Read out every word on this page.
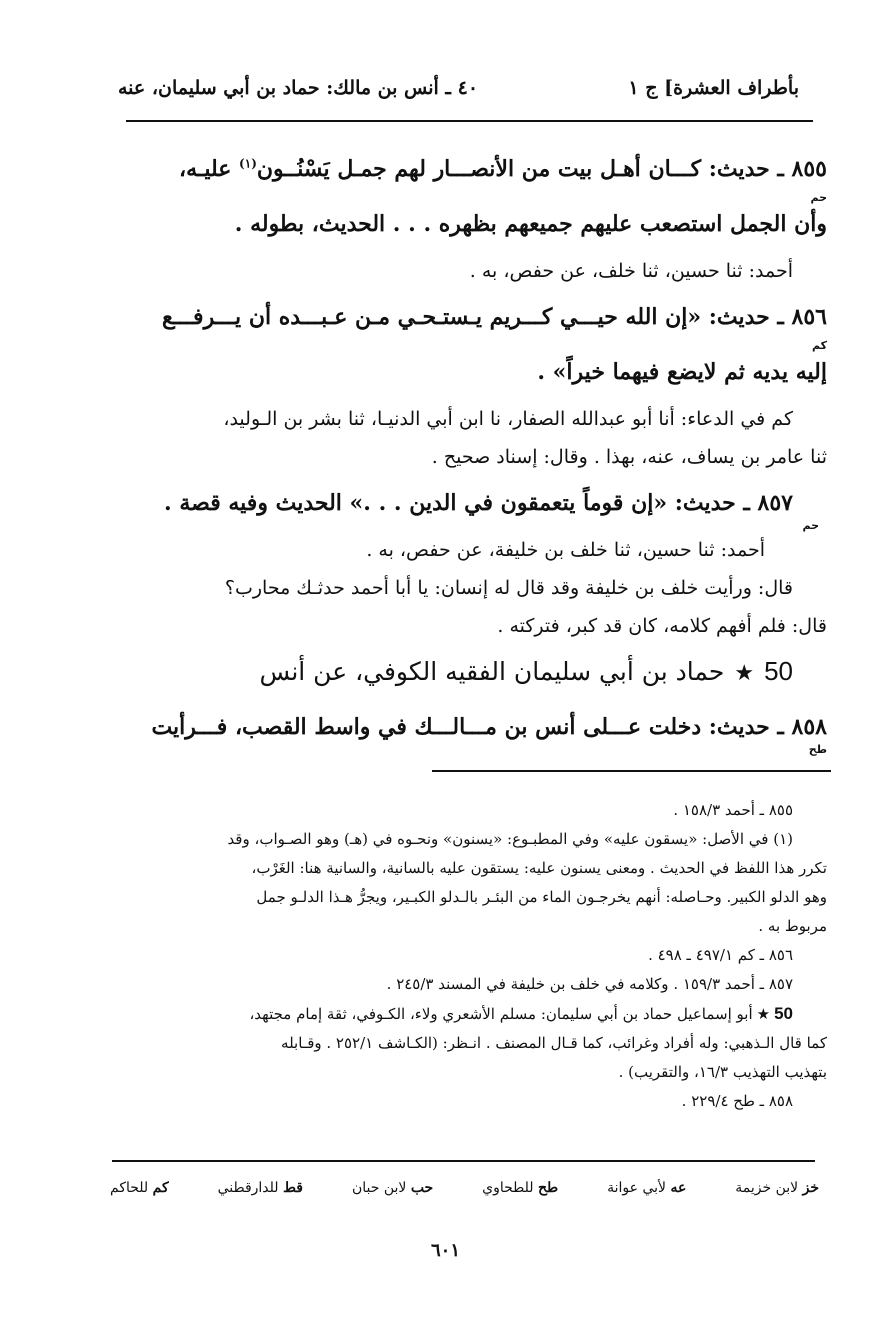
بأطراف العشرة] ج ١
٤٠ ـ أنس بن مالك: حماد بن أبي سليمان، عنه
٨٥٥ ـ حديث: كـــان أهـل بيت من الأنصـــار لهم جمـل يَسْنُــون$^{(١)}$ عليـه،
حم
وأن الجمل استصعب عليهم جميعهم بظهره . . . الحديث، بطوله .
أحمد: ثنا حسين، ثنا خلف، عن حفص، به .
٨٥٦ ـ حديث: «إن الله حيـــي كـــريم يـستـحـي مـن عـبـــده أن يـــرفـــع
كم
إليه يديه ثم لايضع فيهما خيراً» .
كم في الدعاء: أنا أبو عبدالله الصفار، نا ابن أبي الدنيـا، ثنا بشر بن الـوليد،
ثنا عامر بن يساف، عنه، بهذا . وقال: إسناد صحيح .
٨٥٧ ـ حديث: «إن قوماً يتعمقون في الدين . . .» الحديث وفيه قصة .
حم
أحمد: ثنا حسين، ثنا خلف بن خليفة، عن حفص، به .
قال: ورأيت خلف بن خليفة وقد قال له إنسان: يا أبا أحمد حدثـك محارب؟
قال: فلم أفهم كلامه، كان قد كبر، فتركته .
50★حماد بن أبي سليمان الفقيه الكوفي، عن أنس
٨٥٨ ـ حديث: دخلت عـــلى أنس بن مـــالـــك في واسط القصب، فـــرأيت
طح
٨٥٥ ـ أحمد ١٥٨/٣ .
(١) في الأصل: «يسقون عليه» وفي المطبـوع: «يسنون» ونحـوه في (هـ) وهو الصـواب، وقد
تكرر هذا اللفظ في الحديث . ومعنى يسنون عليه: يستقون عليه بالسانية، والسانية هنا: الغَرْب،
وهو الدلو الكبير. وحـاصله: أنهم يخرجـون الماء من البئـر بالـدلو الكبـير، ويجرُّ هـذا الدلـو جمل
مربوط به .
٨٥٦ ـ كم ٤٩٧/١ ـ ٤٩٨ .
٨٥٧ ـ أحمد ١٥٩/٣ . وكلامه في خلف بن خليفة في المسند ٢٤٥/٣ .
50★أبو إسماعيل حماد بن أبي سليمان: مسلم الأشعري ولاء، الكـوفي، ثقة إمام مجتهد،
كما قال الـذهبي: وله أفراد وغرائب، كما قـال المصنف . انـظر: (الكـاشف ٢٥٢/١ . وقـابله
بتهذيب التهذيب ١٦/٣، والتقريب) .
٨٥٨ ـ طح ٢٢٩/٤ .
خز لابن خزيمة
عه لأبي عوانة
طح للطحاوي
حب لابن حبان
قط للدارقطني
كم للحاكم
٦٠١
